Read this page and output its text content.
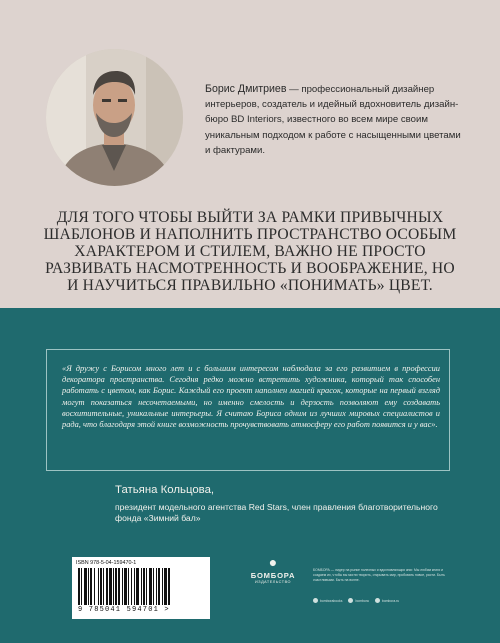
Борис Дмитриев — профессиональный дизайнер интерьеров, создатель и идейный вдохновитель дизайн-бюро BD Interiors, известного во всем мире своим уникальным подходом к работе с насыщенными цветами и фактурами.
ДЛЯ ТОГО ЧТОБЫ ВЫЙТИ ЗА РАМКИ ПРИВЫЧНЫХ ШАБЛОНОВ И НАПОЛНИТЬ ПРОСТРАНСТВО ОСОБЫМ ХАРАКТЕРОМ И СТИЛЕМ, ВАЖНО НЕ ПРОСТО РАЗВИВАТЬ НАСМОТРЕННОСТЬ И ВООБРАЖЕНИЕ, НО И НАУЧИТЬСЯ ПРАВИЛЬНО «ПОНИМАТЬ» ЦВЕТ.
«Я дружу с Борисом много лет и с большим интересом наблюдала за его развитием в профессии декоратора пространства. Сегодня редко можно встретить художника, который так способен работать с цветом, как Борис. Каждый его проект наполнен магией красок, которые на первый взгляд могут показаться несочетаемыми, но именно смелость и дерзость позволяют ему создавать восхитительные, уникальные интерьеры. Я считаю Бориса одним из лучших мировых специалистов и рада, что благодаря этой книге возможность прочувствовать атмосферу его работ появится и у вас».
Татьяна Кольцова,
президент модельного агентства Red Stars, член правления благотворительного фонда «Зимний бал»
ISBN 978-5-04-159470-1
9 785041 594701 >
●
БОМБОРА
ИЗДАТЕЛЬСТВО
БОМБОРА — лидер на рынке полезных и вдохновляющих книг. Мы любим книги и создаем их, чтобы вы могли творить, открывать мир, пробовать новое, расти. Быть счастливыми. Быть на волне.
bomborabooks	bombora	bombora.ru
